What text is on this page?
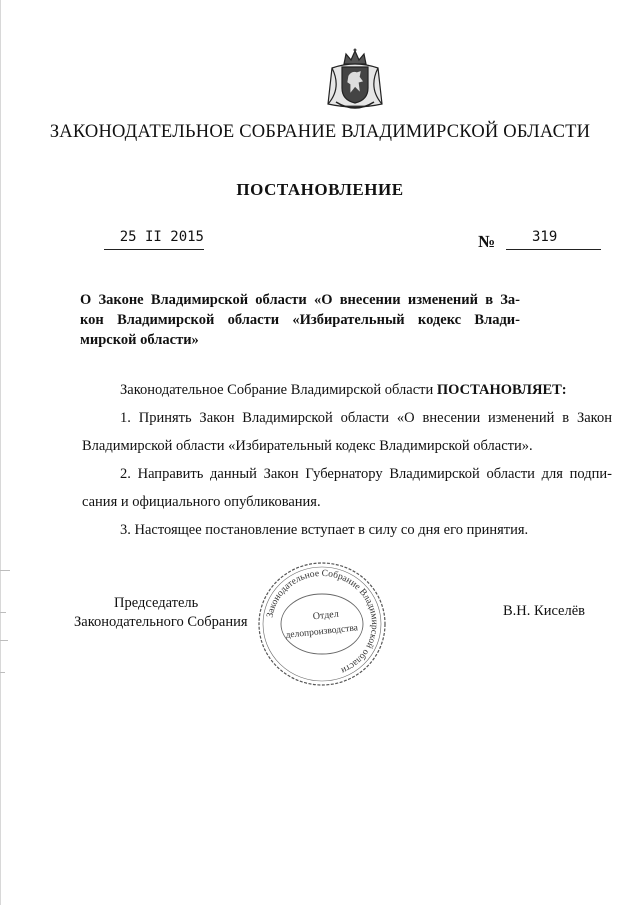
ЗАКОНОДАТЕЛЬНОЕ СОБРАНИЕ ВЛАДИМИРСКОЙ ОБЛАСТИ
ПОСТАНОВЛЕНИЕ
25 II 2015	№	319
О Законе Владимирской области «О внесении изменений в За-
кон Владимирской области «Избирательный кодекс Влади-
мирской области»
Законодательное Собрание Владимирской области ПОСТАНОВЛЯЕТ:
1. Принять Закон Владимирской области «О внесении изменений в Закон
Владимирской области «Избирательный кодекс Владимирской области».
2. Направить данный Закон Губернатору Владимирской области для подпи-
сания и официального опубликования.
3. Настоящее постановление вступает в силу со дня его принятия.
Председатель
Законодательного Собрания Законодательное Собрание Владимирской области
Отдел
делопроизводства
В.Н. Киселёв
